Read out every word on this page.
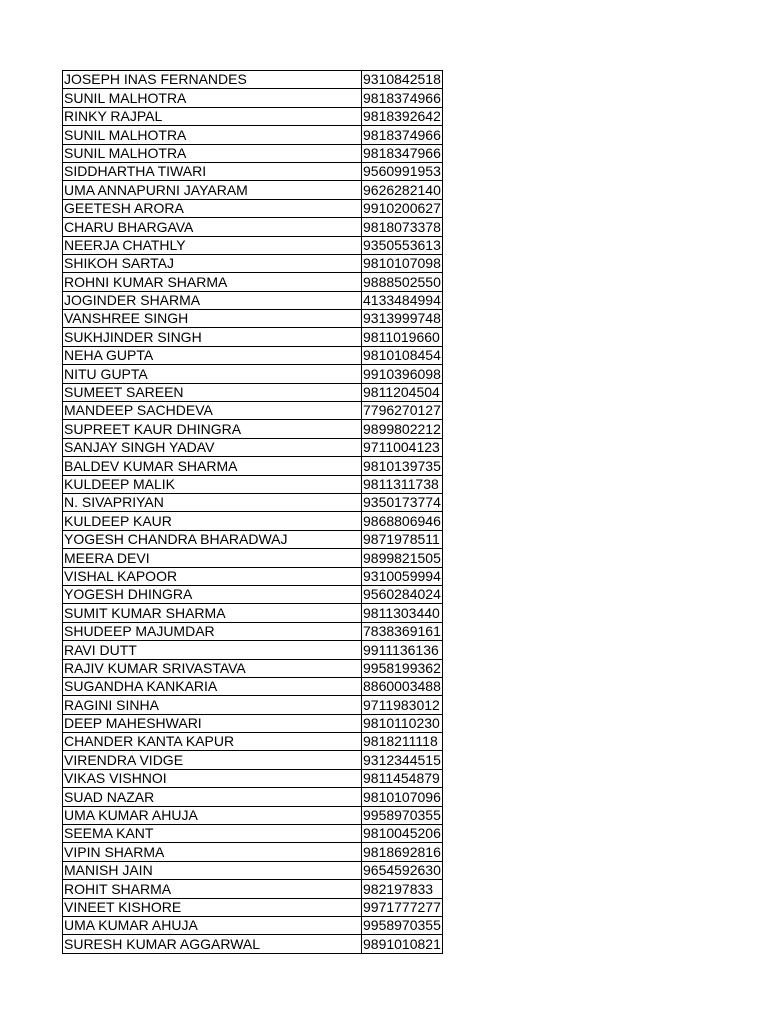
JOSEPH INAS FERNANDES	9310842518
SUNIL MALHOTRA	9818374966
RINKY RAJPAL	9818392642
SUNIL MALHOTRA	9818374966
SUNIL MALHOTRA	9818347966
SIDDHARTHA TIWARI	9560991953
UMA ANNAPURNI JAYARAM	9626282140
GEETESH ARORA	9910200627
CHARU BHARGAVA	9818073378
NEERJA CHATHLY	9350553613
SHIKOH SARTAJ	9810107098
ROHNI KUMAR SHARMA	9888502550
JOGINDER SHARMA	4133484994
VANSHREE SINGH	9313999748
SUKHJINDER SINGH	9811019660
NEHA GUPTA	9810108454
NITU GUPTA	9910396098
SUMEET SAREEN	9811204504
MANDEEP SACHDEVA	7796270127
SUPREET KAUR DHINGRA	9899802212
SANJAY SINGH YADAV	9711004123
BALDEV KUMAR SHARMA	9810139735
KULDEEP MALIK	9811311738
N. SIVAPRIYAN	9350173774
KULDEEP KAUR	9868806946
YOGESH CHANDRA BHARADWAJ	9871978511
MEERA DEVI	9899821505
VISHAL KAPOOR	9310059994
YOGESH DHINGRA	9560284024
SUMIT KUMAR SHARMA	9811303440
SHUDEEP MAJUMDAR	7838369161
RAVI DUTT	9911136136
RAJIV KUMAR SRIVASTAVA	9958199362
SUGANDHA KANKARIA	8860003488
RAGINI SINHA	9711983012
DEEP MAHESHWARI	9810110230
CHANDER KANTA KAPUR	9818211118
VIRENDRA VIDGE	9312344515
VIKAS VISHNOI	9811454879
SUAD NAZAR	9810107096
UMA KUMAR AHUJA	9958970355
SEEMA KANT	9810045206
VIPIN SHARMA	9818692816
MANISH JAIN	9654592630
ROHIT SHARMA	982197833
VINEET KISHORE	9971777277
UMA KUMAR AHUJA	9958970355
SURESH KUMAR AGGARWAL	9891010821
